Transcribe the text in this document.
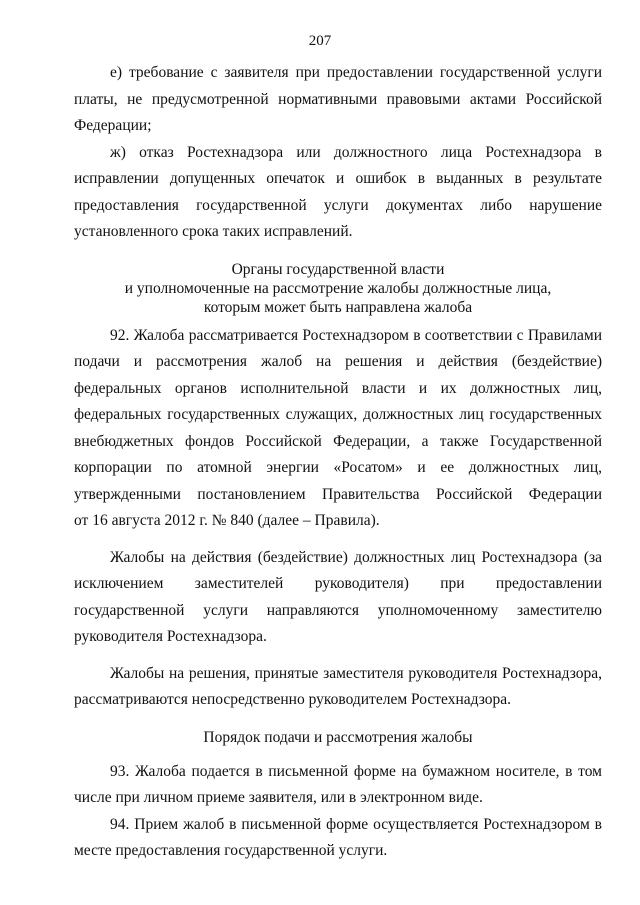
207

е) требование с заявителя при предоставлении государственной услуги платы, не предусмотренной нормативными правовыми актами Российской Федерации;

ж) отказ Ростехнадзора или должностного лица Ростехнадзора в исправлении допущенных опечаток и ошибок в выданных в результате предоставления государственной услуги документах либо нарушение установленного срока таких исправлений.

Органы государственной власти

и уполномоченные на рассмотрение жалобы должностные лица,

которым может быть направлена жалоба

92. Жалоба рассматривается Ростехнадзором в соответствии с Правилами подачи и рассмотрения жалоб на решения и действия (бездействие) федеральных органов исполнительной власти и их должностных лиц, федеральных государственных служащих, должностных лиц государственных внебюджетных фондов Российской Федерации, а также Государственной корпорации по атомной энергии «Росатом» и ее должностных лиц, утвержденными постановлением Правительства Российской Федерации

от 16 августа 2012 г. № 840 (далее – Правила).

Жалобы на действия (бездействие) должностных лиц Ростехнадзора (за исключением заместителей руководителя) при предоставлении государственной услуги направляются уполномоченному заместителю руководителя Ростехнадзора.

Жалобы на решения, принятые заместителя руководителя Ростехнадзора, рассматриваются непосредственно руководителем Ростехнадзора.

Порядок подачи и рассмотрения жалобы

93. Жалоба подается в письменной форме на бумажном носителе, в том числе при личном приеме заявителя, или в электронном виде.

94. Прием жалоб в письменной форме осуществляется Ростехнадзором в месте предоставления государственной услуги.
